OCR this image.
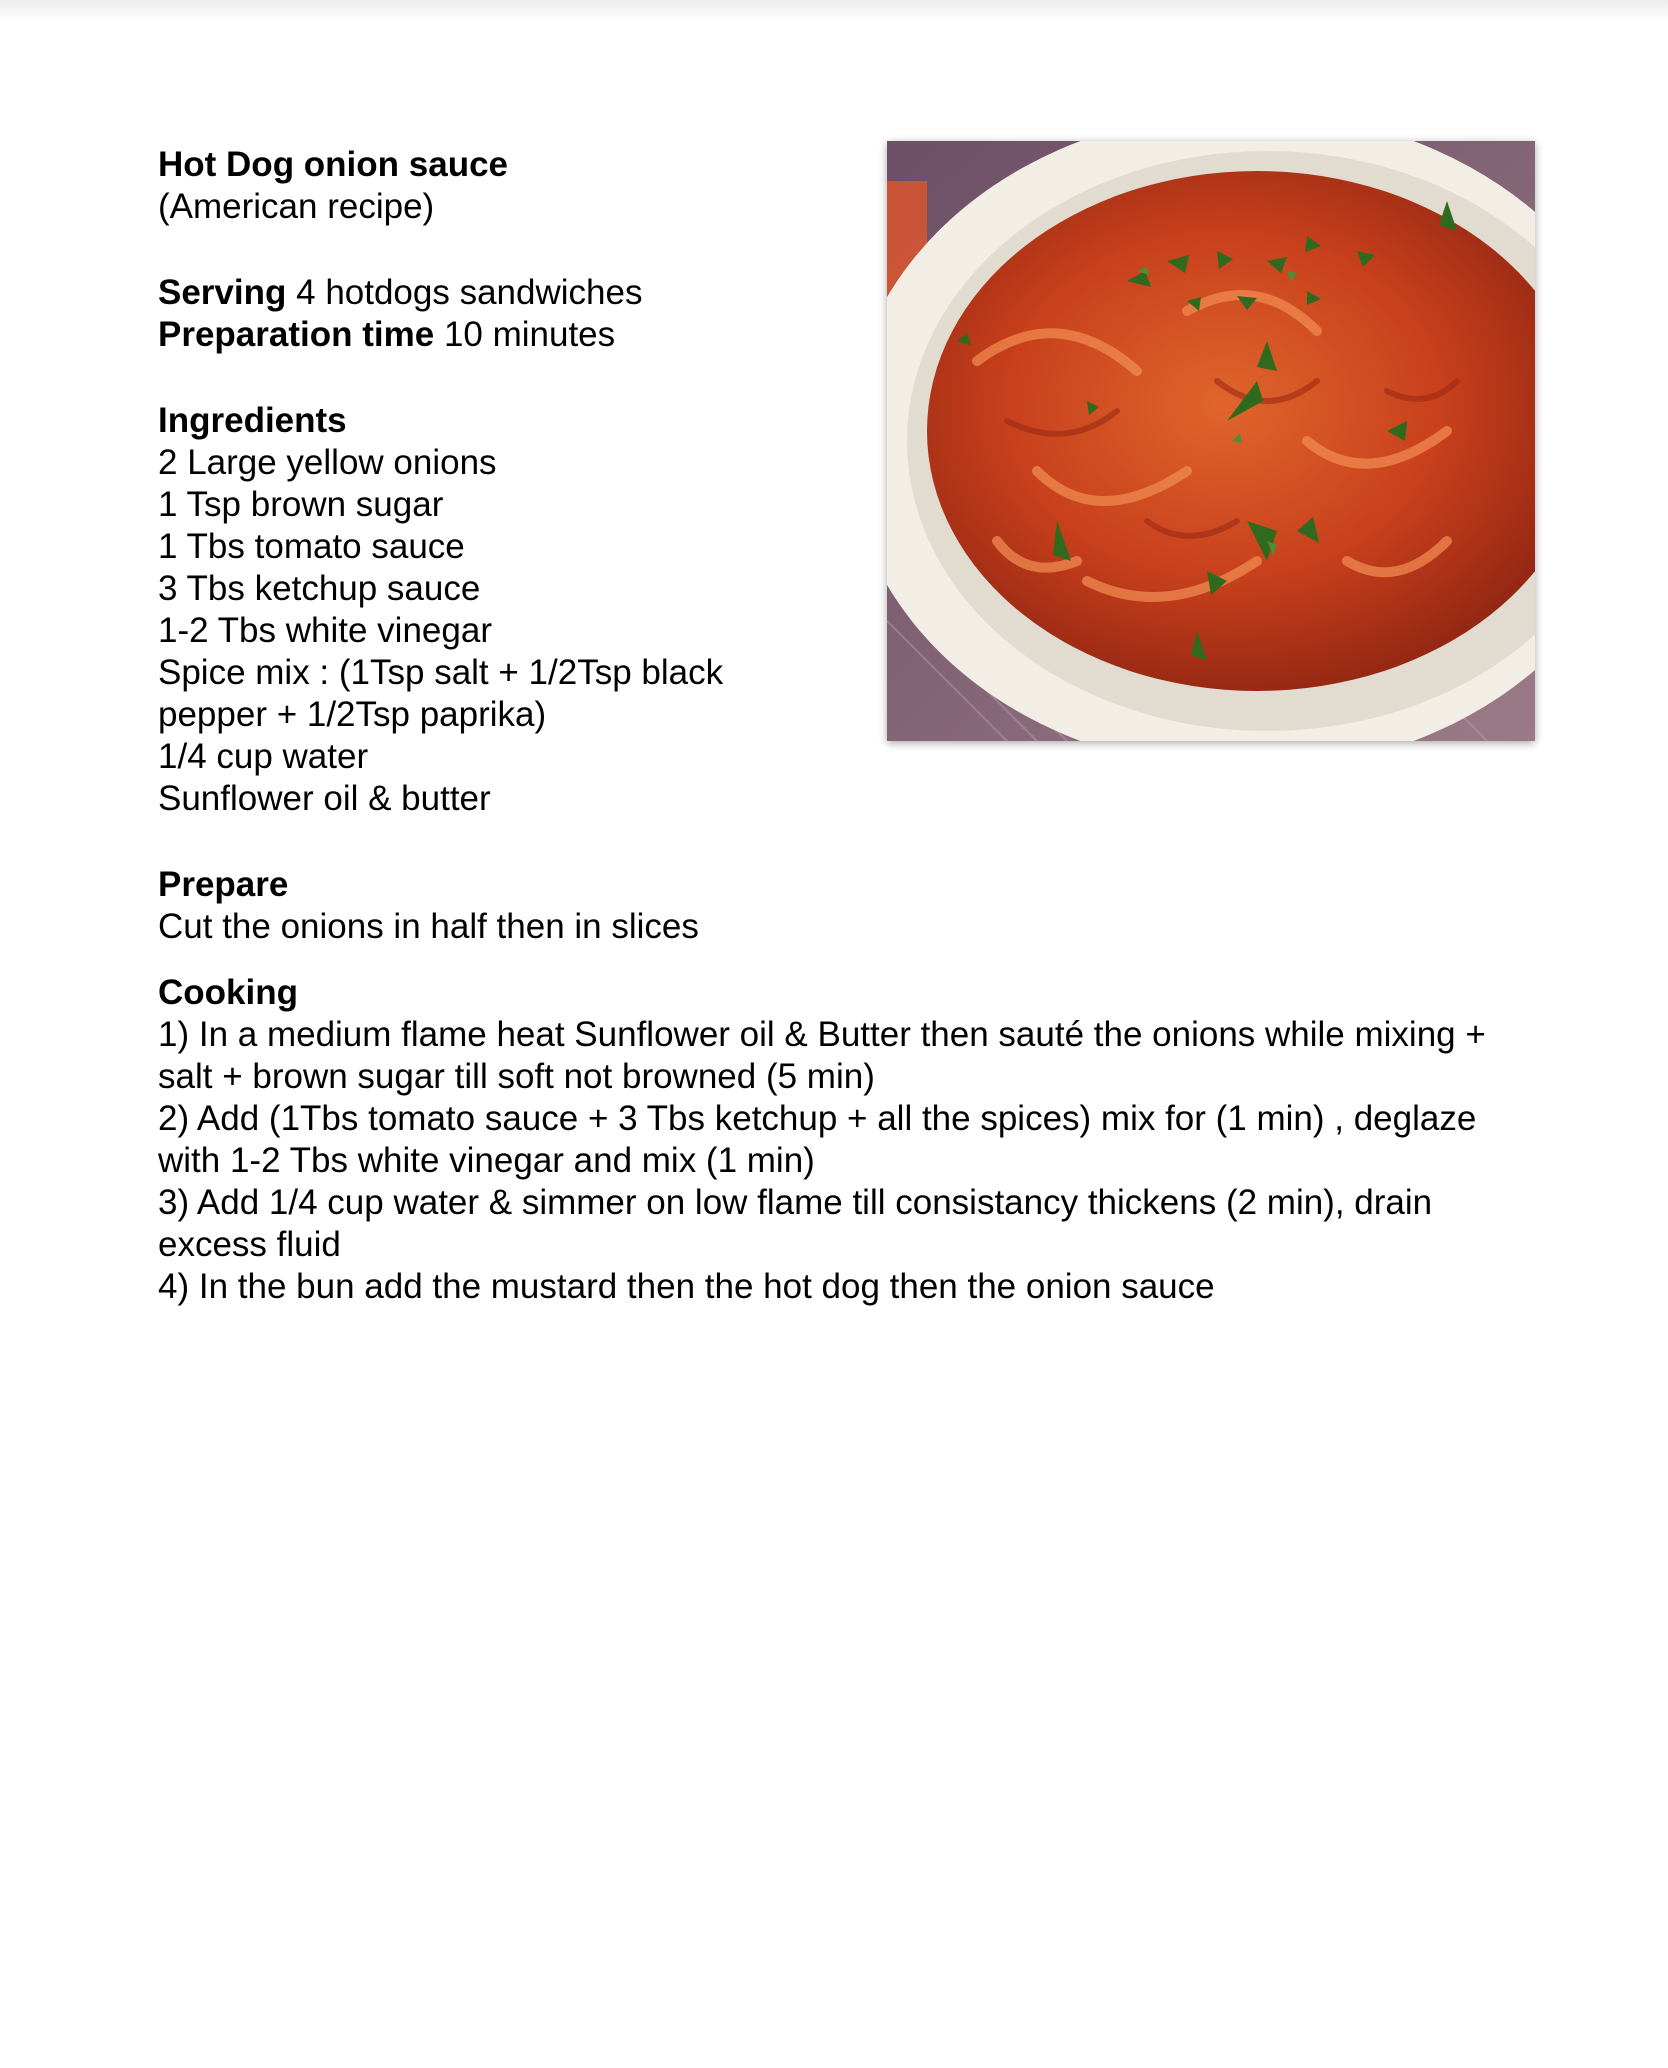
Hot Dog onion sauce
(American recipe)
Serving 4 hotdogs sandwiches
Preparation time 10 minutes
Ingredients
2 Large yellow onions
1 Tsp brown sugar
1 Tbs tomato sauce
3 Tbs ketchup sauce
1-2 Tbs white vinegar
Spice mix : (1Tsp salt + 1/2Tsp black pepper + 1/2Tsp paprika)
1/4 cup water
Sunflower oil & butter
Prepare
Cut the onions in half then in slices
Cooking
1) In a medium flame heat Sunflower oil & Butter then sauté the onions while mixing + salt + brown sugar till soft not browned (5 min)
2) Add (1Tbs tomato sauce + 3 Tbs ketchup + all the spices) mix for (1 min) , deglaze with 1-2 Tbs white vinegar and mix (1 min)
3) Add 1/4 cup water & simmer on low flame till consistancy thickens (2 min), drain excess fluid
4) In the bun add the mustard then the hot dog then the onion sauce
